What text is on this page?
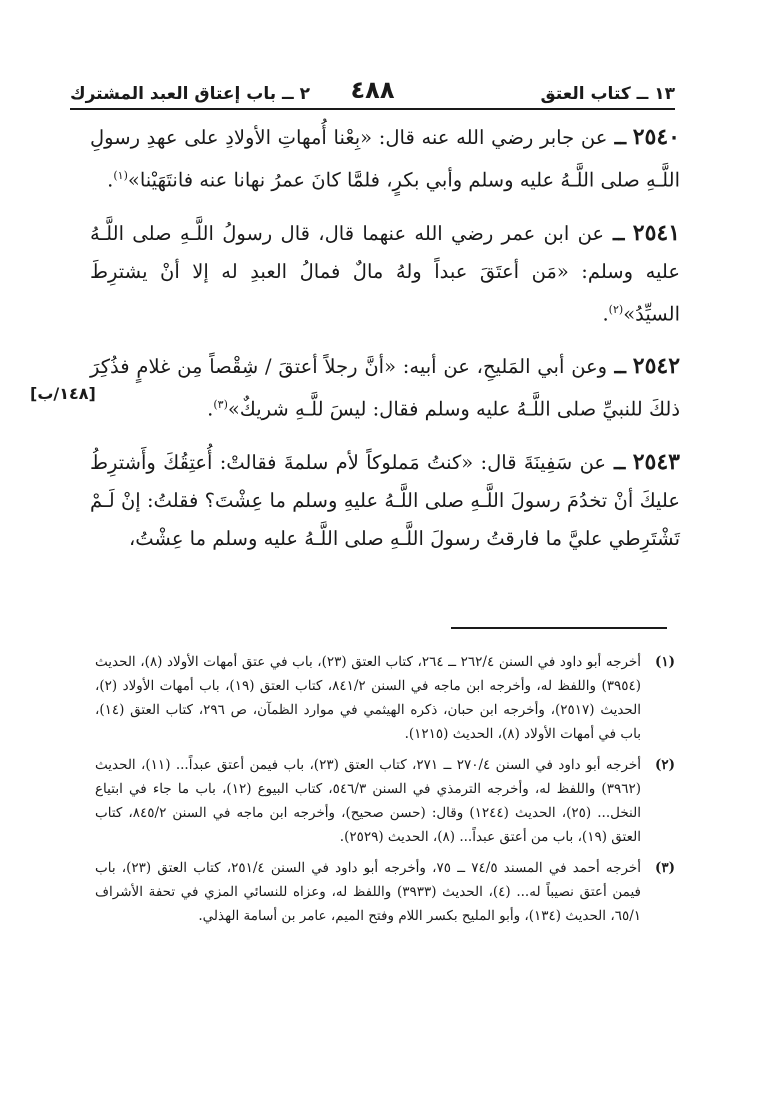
١٣ ــ كتاب العتق
٤٨٨
٢ ــ باب إعتاق العبد المشترك

٢٥٤٠ ــ عن جابر رضي الله عنه قال: «بِعْنا أُمهاتِ الأولادِ على عهدِ رسولِ اللَّـهِ صلى اللَّـهُ عليه وسلم وأبي بكرٍ، فلمَّا كانَ عمرُ نهانا عنه فانتَهَيْنا»$^{(١)}$.

٢٥٤١ ــ عن ابن عمر رضي الله عنهما قال، قال رسولُ اللَّـهِ صلى اللَّـهُ عليه وسلم: «مَن أعتَقَ عبداً ولهُ مالٌ فمالُ العبدِ له إلا أنْ يشترِطَ السيِّدُ»$^{(٢)}$.

٢٥٤٢ ــ وعن أبي المَليحِ، عن أبيه: «أنَّ رجلاً أعتقَ / شِقْصاً مِن غلامٍ فذُكِرَ ذلكَ للنبيِّ صلى اللَّـهُ عليه وسلم فقال: ليسَ للَّـهِ شريكٌ»$^{(٣)}$.

٢٥٤٣ ــ عن سَفِينَةَ قال: «كنتُ مَملوكاً لأم سلمةَ فقالتْ: أُعتِقُكَ وأَشترِطُ عليكَ أنْ تخدُمَ رسولَ اللَّـهِ صلى اللَّـهُ عليهِ وسلم ما عِشْتَ؟ فقلتُ: إنْ لَـمْ تَشْتَرِطي عليَّ ما فارقتُ رسولَ اللَّـهِ صلى اللَّـهُ عليه وسلم ما عِشْتُ،

[١٤٨/ب]

(١)
أخرجه أبو داود في السنن ٢٦٢/٤ ــ ٢٦٤، كتاب العتق (٢٣)، باب في عتق أمهات الأولاد (٨)، الحديث (٣٩٥٤) واللفظ له، وأخرجه ابن ماجه في السنن ٨٤١/٢، كتاب العتق (١٩)، باب أمهات الأولاد (٢)، الحديث (٢٥١٧)، وأخرجه ابن حبان، ذكره الهيثمي في موارد الظمآن، ص ٢٩٦، كتاب العتق (١٤)، باب في أمهات الأولاد (٨)، الحديث (١٢١٥).

(٢)
أخرجه أبو داود في السنن ٢٧٠/٤ ــ ٢٧١، كتاب العتق (٢٣)، باب فيمن أعتق عبداً... (١١)، الحديث (٣٩٦٢) واللفظ له، وأخرجه الترمذي في السنن ٥٤٦/٣، كتاب البيوع (١٢)، باب ما جاء في ابتياع النخل... (٢٥)، الحديث (١٢٤٤) وقال: (حسن صحيح)، وأخرجه ابن ماجه في السنن ٨٤٥/٢، كتاب العتق (١٩)، باب من أعتق عبداً... (٨)، الحديث (٢٥٢٩).

(٣)
أخرجه أحمد في المسند ٧٤/٥ ــ ٧٥، وأخرجه أبو داود في السنن ٢٥١/٤، كتاب العتق (٢٣)، باب فيمن أعتق نصيباً له... (٤)، الحديث (٣٩٣٣) واللفظ له، وعزاه للنسائي المزي في تحفة الأشراف ٦٥/١، الحديث (١٣٤)، وأبو المليح بكسر اللام وفتح الميم، عامر بن أسامة الهذلي.
